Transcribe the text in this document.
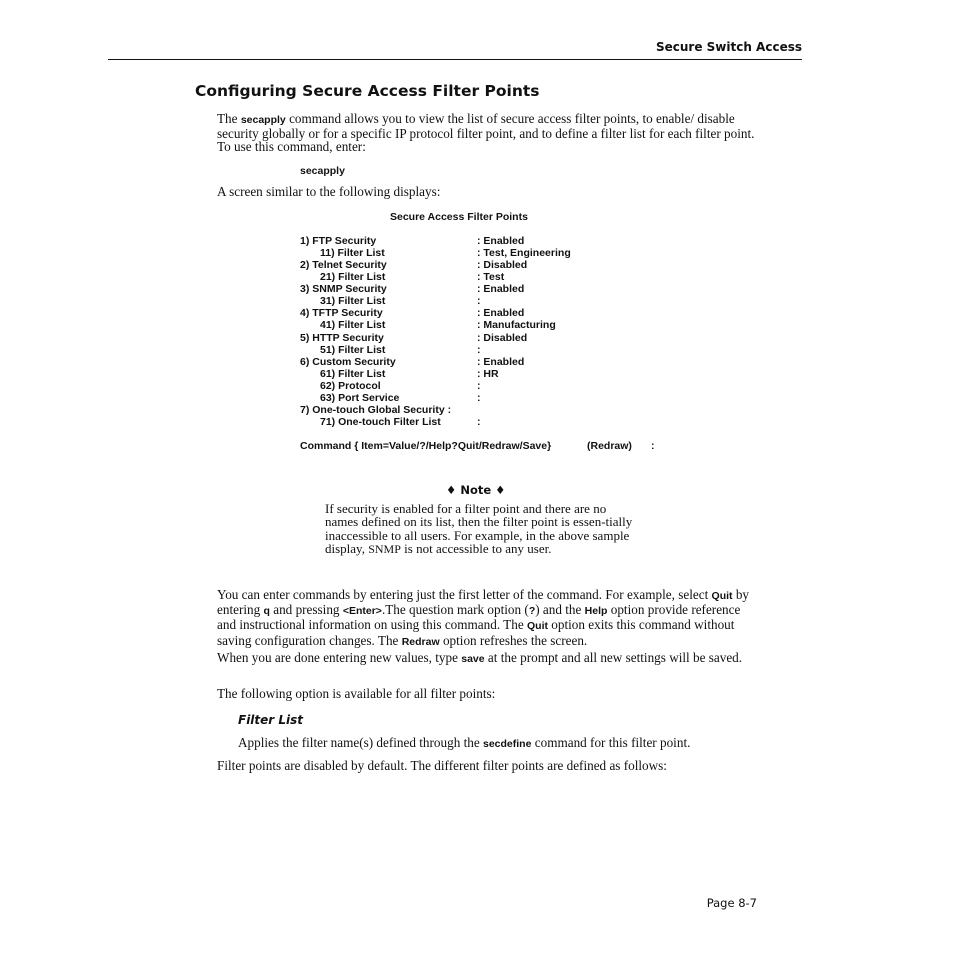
Secure Switch Access
Configuring Secure Access Filter Points
The secapply command allows you to view the list of secure access filter points, to enable/ disable security globally or for a specific IP protocol filter point, and to define a filter list for each filter point. To use this command, enter:
secapply
A screen similar to the following displays:
Secure Access Filter Points
1) FTP Security	: Enabled
11) Filter List	: Test, Engineering
2) Telnet Security	: Disabled
21) Filter List	: Test
3) SNMP Security	: Enabled
31) Filter List	:
4) TFTP Security	: Enabled
41) Filter List	: Manufacturing
5) HTTP Security	: Disabled
51) Filter List	:
6) Custom Security	: Enabled
61) Filter List	: HR
62) Protocol	:
63) Port Service	:
7) One-touch Global Security :
71) One-touch Filter List	:
Command { Item=Value/?/Help?Quit/Redraw/Save}	(Redraw) :
♦ Note ♦
If security is enabled for a filter point and there are no names defined on its list, then the filter point is essen-tially inaccessible to all users. For example, in the above sample display, SNMP is not accessible to any user.
You can enter commands by entering just the first letter of the command. For example, select Quit by entering q and pressing <Enter>.The question mark option (?) and the Help option provide reference and instructional information on using this command. The Quit option exits this command without saving configuration changes. The Redraw option refreshes the screen.
When you are done entering new values, type save at the prompt and all new settings will be saved.
The following option is available for all filter points:
Filter List
Applies the filter name(s) defined through the secdefine command for this filter point.
Filter points are disabled by default. The different filter points are defined as follows:
Page 8-7
